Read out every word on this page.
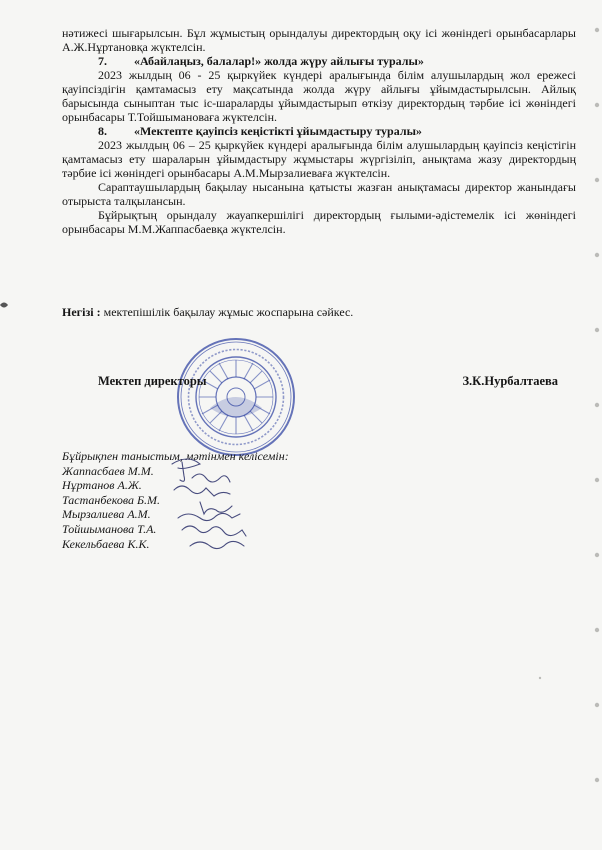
нәтижесі шығарылсын. Бұл жұмыстың орындалуы директордың оқу ісі жөніндегі орынбасарлары А.Ж.Нұртановқа жүктелсін.

7. «Абайлаңыз, балалар!» жолда жүру айлығы туралы»

2023 жылдың 06 - 25 қыркүйек күндері аралығында білім алушылардың жол ережесі қауіпсіздігін қамтамасыз ету мақсатында жолда жүру айлығы ұйымдастырылсын. Айлық барысында сыныптан тыс іс-шараларды ұйымдастырып өткізу директордың тәрбие ісі жөніндегі орынбасары Т.Тойшымановаға жүктелсін.

8. «Мектепте қауіпсіз кеңістікті ұйымдастыру туралы»

2023 жылдың 06 – 25 қыркүйек күндері аралығында білім алушылардың қауіпсіз кеңістігін қамтамасыз ету шараларын ұйымдастыру жұмыстары жүргізіліп, анықтама жазу директордың тәрбие ісі жөніндегі орынбасары А.М.Мырзалиеваға жүктелсін.

Сараптаушылардың бақылау нысанына қатысты жазған анықтамасы директор жанындағы отырыста талқылансын.

Бұйрықтың орындалу жауапкершілігі директордың ғылыми-әдістемелік ісі жөніндегі орынбасары М.М.Жаппасбаевқа жүктелсін.

Негізі : мектепішілік бақылау жұмыс жоспарына сәйкес.
Мектеп директоры	З.К.Нурбалтаева
Бұйрықпен таныстым, мәтінмен келісемін:
Жаппасбаев М.М.
Нұртанов А.Ж.
Тастанбекова Б.М.
Мырзалиева А.М.
Тойшыманова Т.А.
Кекельбаева К.К.
